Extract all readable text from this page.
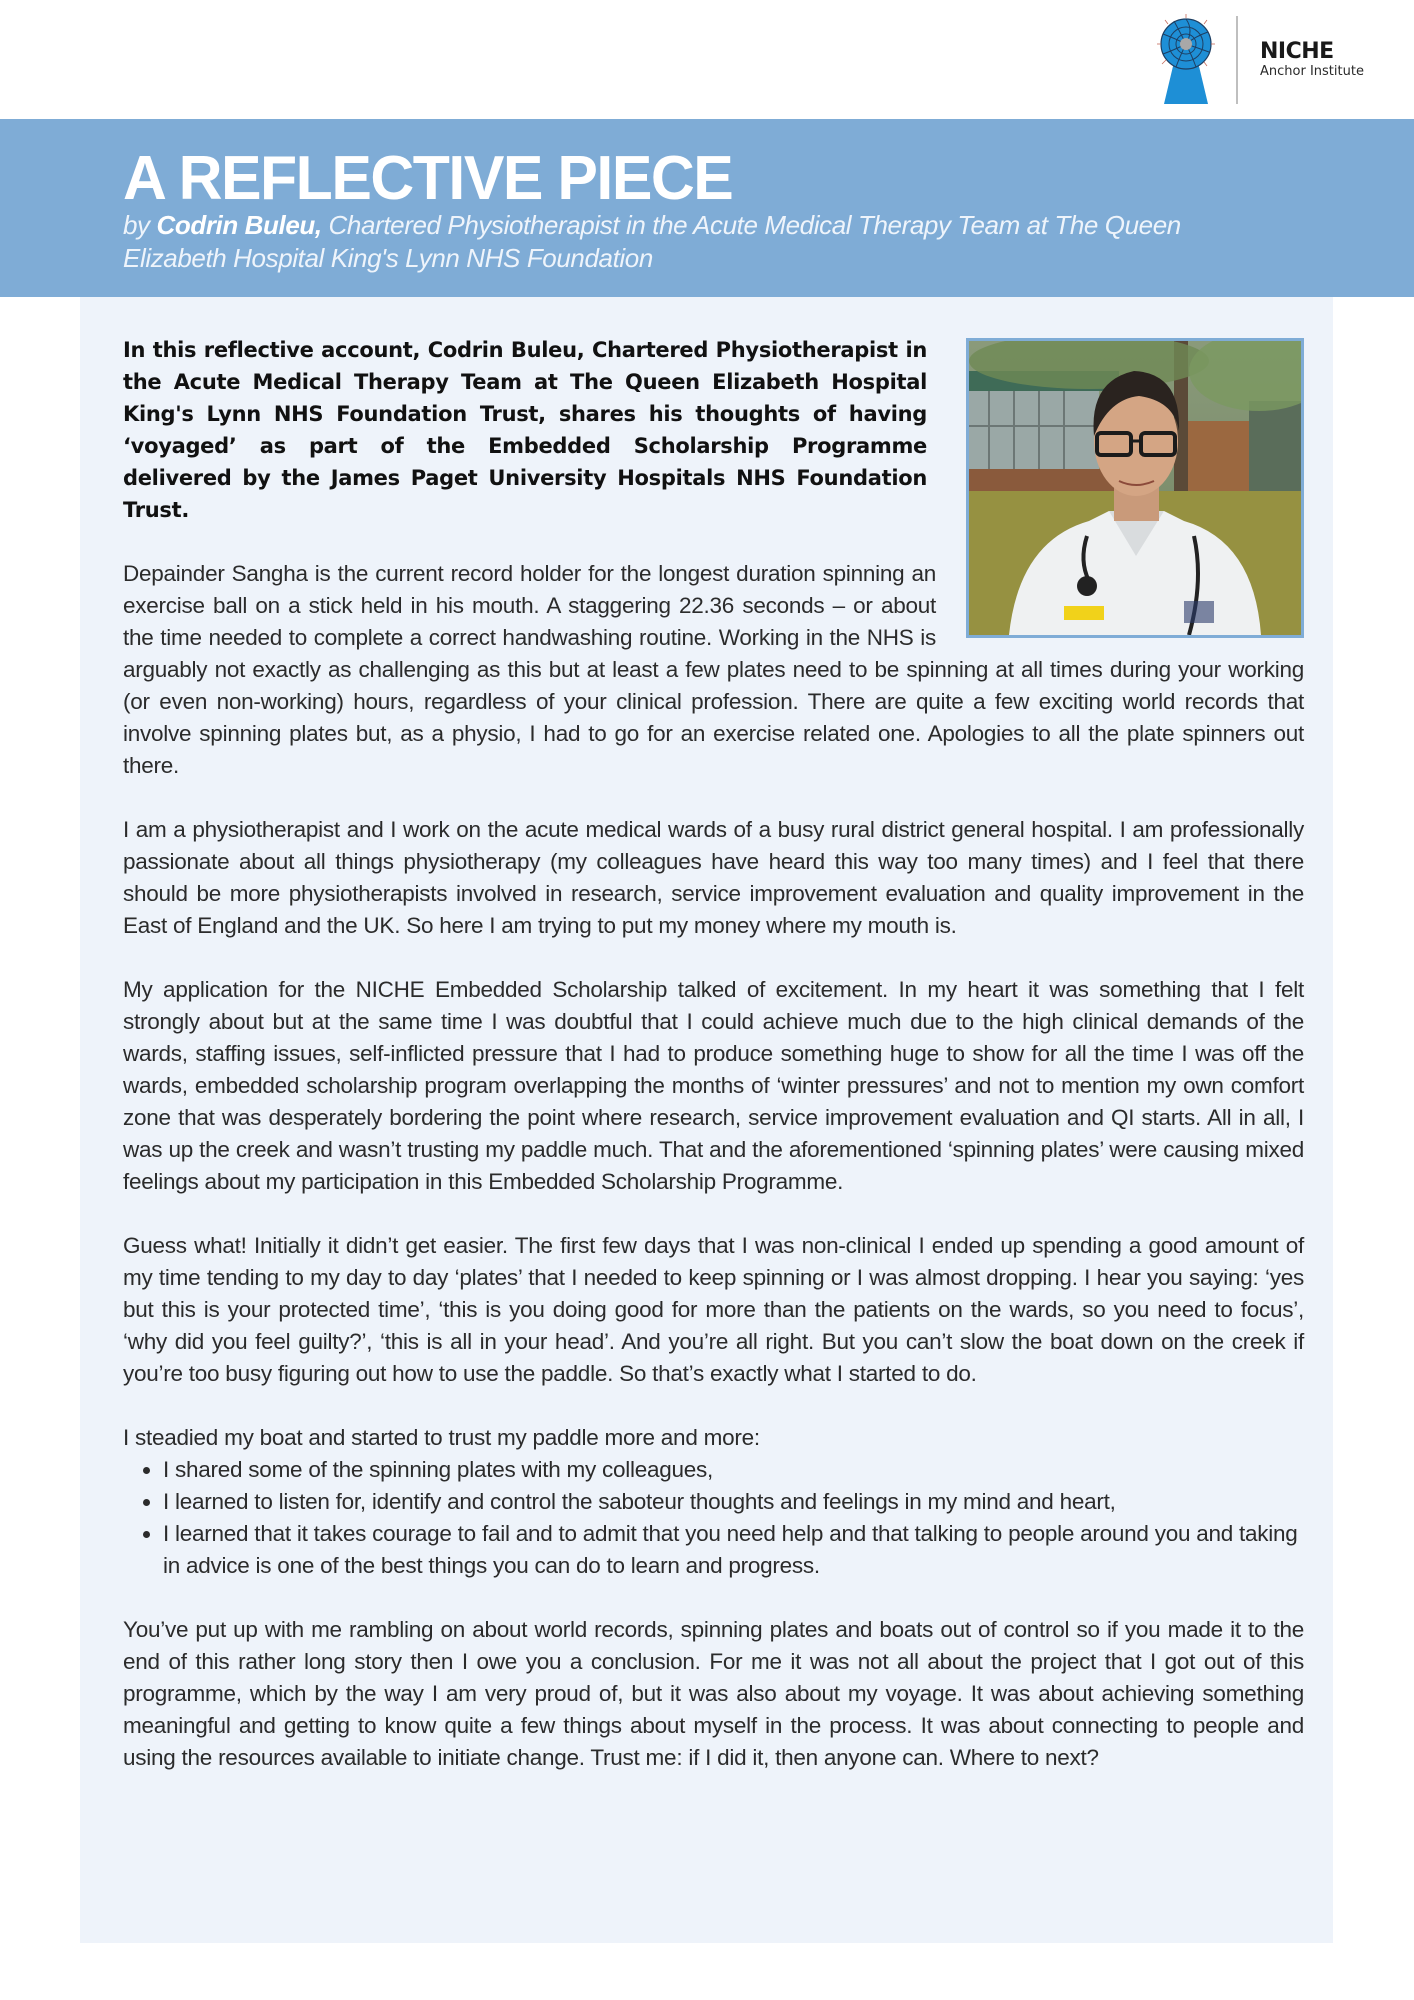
NICHE
Anchor Institute
A REFLECTIVE PIECE
by Codrin Buleu, Chartered Physiotherapist in the Acute Medical Therapy Team at The Queen Elizabeth Hospital King's Lynn NHS Foundation

In this reflective account, Codrin Buleu, Chartered Physiotherapist in the Acute Medical Therapy Team at The Queen Elizabeth Hospital King's Lynn NHS Foundation Trust, shares his thoughts of having ‘voyaged’ as part of the Embedded Scholarship Programme delivered by the James Paget University Hospitals NHS Foundation Trust.

Depainder Sangha is the current record holder for the longest duration spinning an exercise ball on a stick held in his mouth. A staggering 22.36 seconds – or about the time needed to complete a correct handwashing routine. Working in the NHS is arguably not exactly as challenging as this but at least a few plates need to be spinning at all times during your working (or even non-working) hours, regardless of your clinical profession. There are quite a few exciting world records that involve spinning plates but, as a physio, I had to go for an exercise related one. Apologies to all the plate spinners out there.

I am a physiotherapist and I work on the acute medical wards of a busy rural district general hospital. I am professionally passionate about all things physiotherapy (my colleagues have heard this way too many times) and I feel that there should be more physiotherapists involved in research, service improvement evaluation and quality improvement in the East of England and the UK. So here I am trying to put my money where my mouth is.

My application for the NICHE Embedded Scholarship talked of excitement. In my heart it was something that I felt strongly about but at the same time I was doubtful that I could achieve much due to the high clinical demands of the wards, staffing issues, self-inflicted pressure that I had to produce something huge to show for all the time I was off the wards, embedded scholarship program overlapping the months of ‘winter pressures’ and not to mention my own comfort zone that was desperately bordering the point where research, service improvement evaluation and QI starts. All in all, I was up the creek and wasn’t trusting my paddle much. That and the aforementioned ‘spinning plates’ were causing mixed feelings about my participation in this Embedded Scholarship Programme.

Guess what! Initially it didn’t get easier. The first few days that I was non-clinical I ended up spending a good amount of my time tending to my day to day ‘plates’ that I needed to keep spinning or I was almost dropping. I hear you saying: ‘yes but this is your protected time’, ‘this is you doing good for more than the patients on the wards, so you need to focus’, ‘why did you feel guilty?’, ‘this is all in your head’. And you’re all right. But you can’t slow the boat down on the creek if you’re too busy figuring out how to use the paddle. So that’s exactly what I started to do.

I steadied my boat and started to trust my paddle more and more:

• I shared some of the spinning plates with my colleagues,
• I learned to listen for, identify and control the saboteur thoughts and feelings in my mind and heart,
• I learned that it takes courage to fail and to admit that you need help and that talking to people around you and taking in advice is one of the best things you can do to learn and progress.

You’ve put up with me rambling on about world records, spinning plates and boats out of control so if you made it to the end of this rather long story then I owe you a conclusion. For me it was not all about the project that I got out of this programme, which by the way I am very proud of, but it was also about my voyage. It was about achieving something meaningful and getting to know quite a few things about myself in the process. It was about connecting to people and using the resources available to initiate change. Trust me: if I did it, then anyone can. Where to next?
